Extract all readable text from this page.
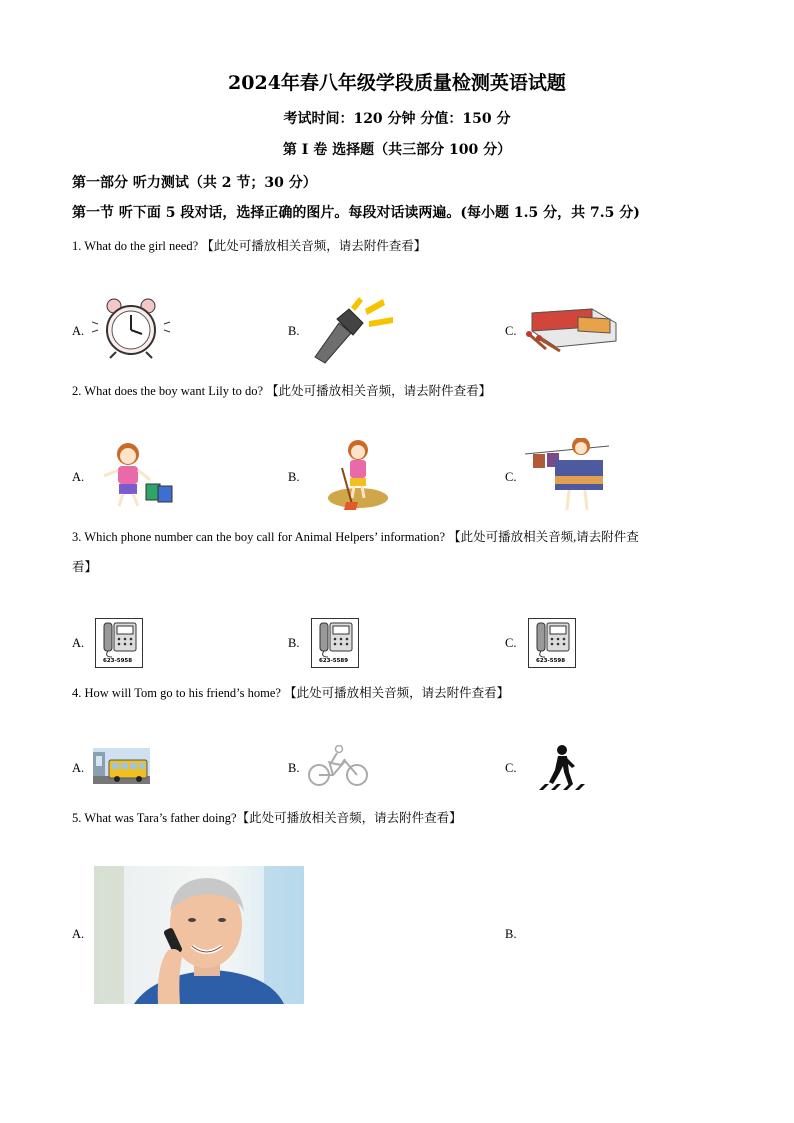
2024年春八年级学段质量检测英语试题
考试时间：120 分钟 分值：150 分
第 I 卷 选择题（共三部分 100 分）
第一部分 听力测试（共 2 节；30 分）
第一节 听下面 5 段对话，选择正确的图片。每段对话读两遍。(每小题 1.5 分，共 7.5 分)
1. What do the girl need? 【此处可播放相关音频，请去附件查看】
A.	B.	C.
2. What does the boy want Lily to do? 【此处可播放相关音频，请去附件查看】
A.	B.	C.
3. Which phone number can the boy call for Animal Helpers’ information? 【此处可播放相关音频,请去附件查
看】
A.	B.	C.
623-5958	623-5589	623-5598
4. How will Tom go to his friend’s home? 【此处可播放相关音频，请去附件查看】
A.	B.	C.
5. What was Tara’s father doing?【此处可播放相关音频，请去附件查看】
A.	B.
